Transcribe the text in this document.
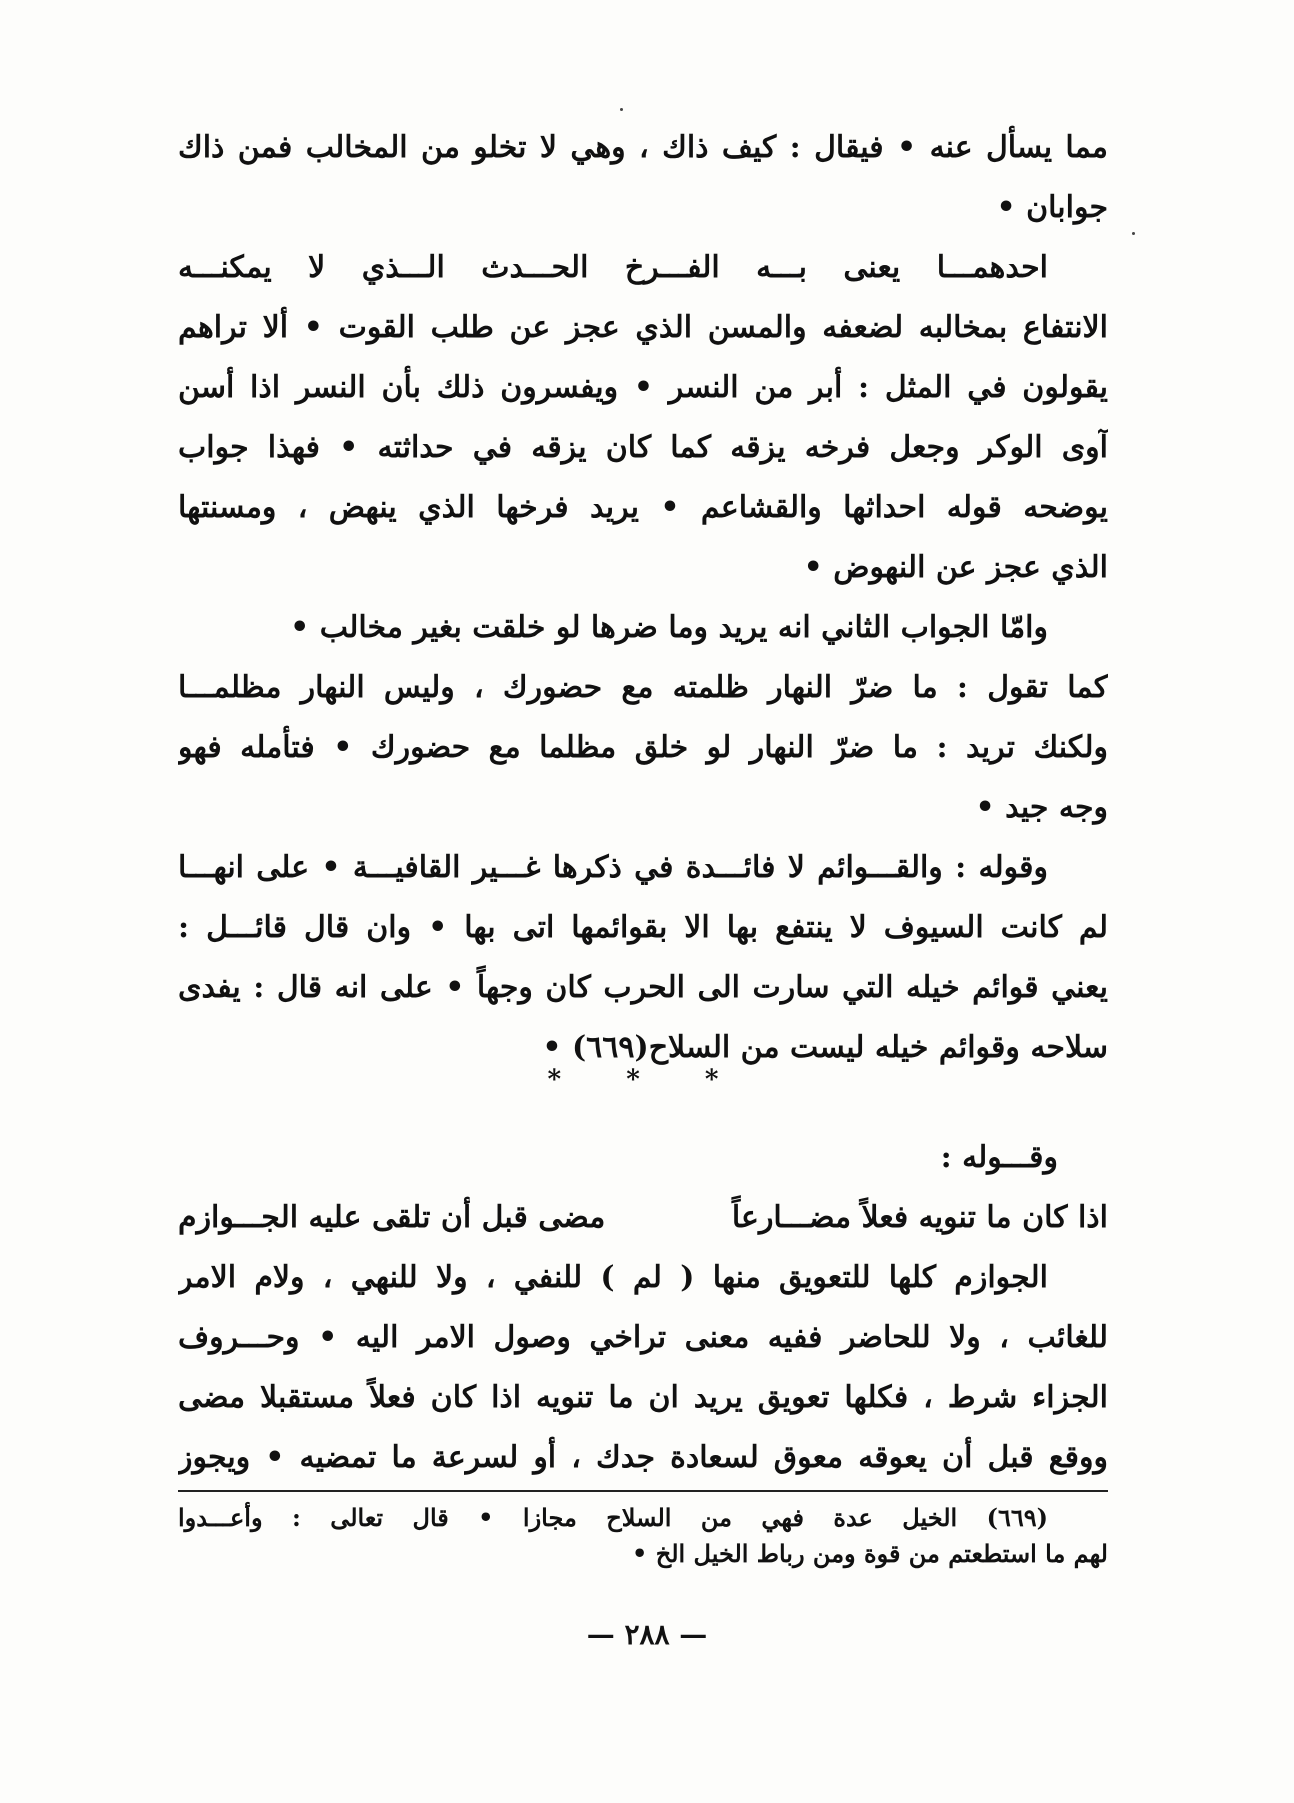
مما يسأل عنه • فيقال : كيف ذاك ، وهي لا تخلو من المخالب فمن ذاك
جوابان •
احدهمـــا يعنى بـــه الفـــرخ الحـــدث الـــذي لا يمكنـــه
الانتفاع بمخالبه لضعفه والمسن الذي عجز عن طلب القوت • ألا تراهم
يقولون في المثل : أبر من النسر • ويفسرون ذلك بأن النسر اذا أسن
آوى الوكر وجعل فرخه يزقه كما كان يزقه في حداثته • فهذا جواب
يوضحه قوله احداثها والقشاعم • يريد فرخها الذي ينهض ، ومسنتها
الذي عجز عن النهوض •
وامّا الجواب الثاني انه يريد وما ضرها لو خلقت بغير مخالب •
كما تقول : ما ضرّ النهار ظلمته مع حضورك ، وليس النهار مظلمـــا
ولكنك تريد : ما ضرّ النهار لو خلق مظلما مع حضورك • فتأمله فهو
وجه جيد •
وقوله : والقـــوائم لا فائـــدة في ذكرها غـــير القافيـــة • على انهـــا
لم كانت السيوف لا ينتفع بها الا بقوائمها اتى بها • وان قال قائـــل :
يعني قوائم خيله التي سارت الى الحرب كان وجهاً • على انه قال : يفدى
سلاحه وقوائم خيله ليست من السلاح(٦٦٩) •
* * *
وقـــوله :
اذا كان ما تنويه فعلاً مضـــارعاً
مضى قبل أن تلقى عليه الجـــوازم
الجوازم كلها للتعويق منها ( لم ) للنفي ، ولا للنهي ، ولام الامر
للغائب ، ولا للحاضر ففيه معنى تراخي وصول الامر اليه • وحـــروف
الجزاء شرط ، فكلها تعويق يريد ان ما تنويه اذا كان فعلاً مستقبلا مضى
ووقع قبل أن يعوقه معوق لسعادة جدك ، أو لسرعة ما تمضيه • ويجوز
(٦٦٩) الخيل عدة فهي من السلاح مجازا • قال تعالى : وأعـــدوا
لهم ما استطعتم من قوة ومن رباط الخيل الخ •
— ٢٨٨ —
